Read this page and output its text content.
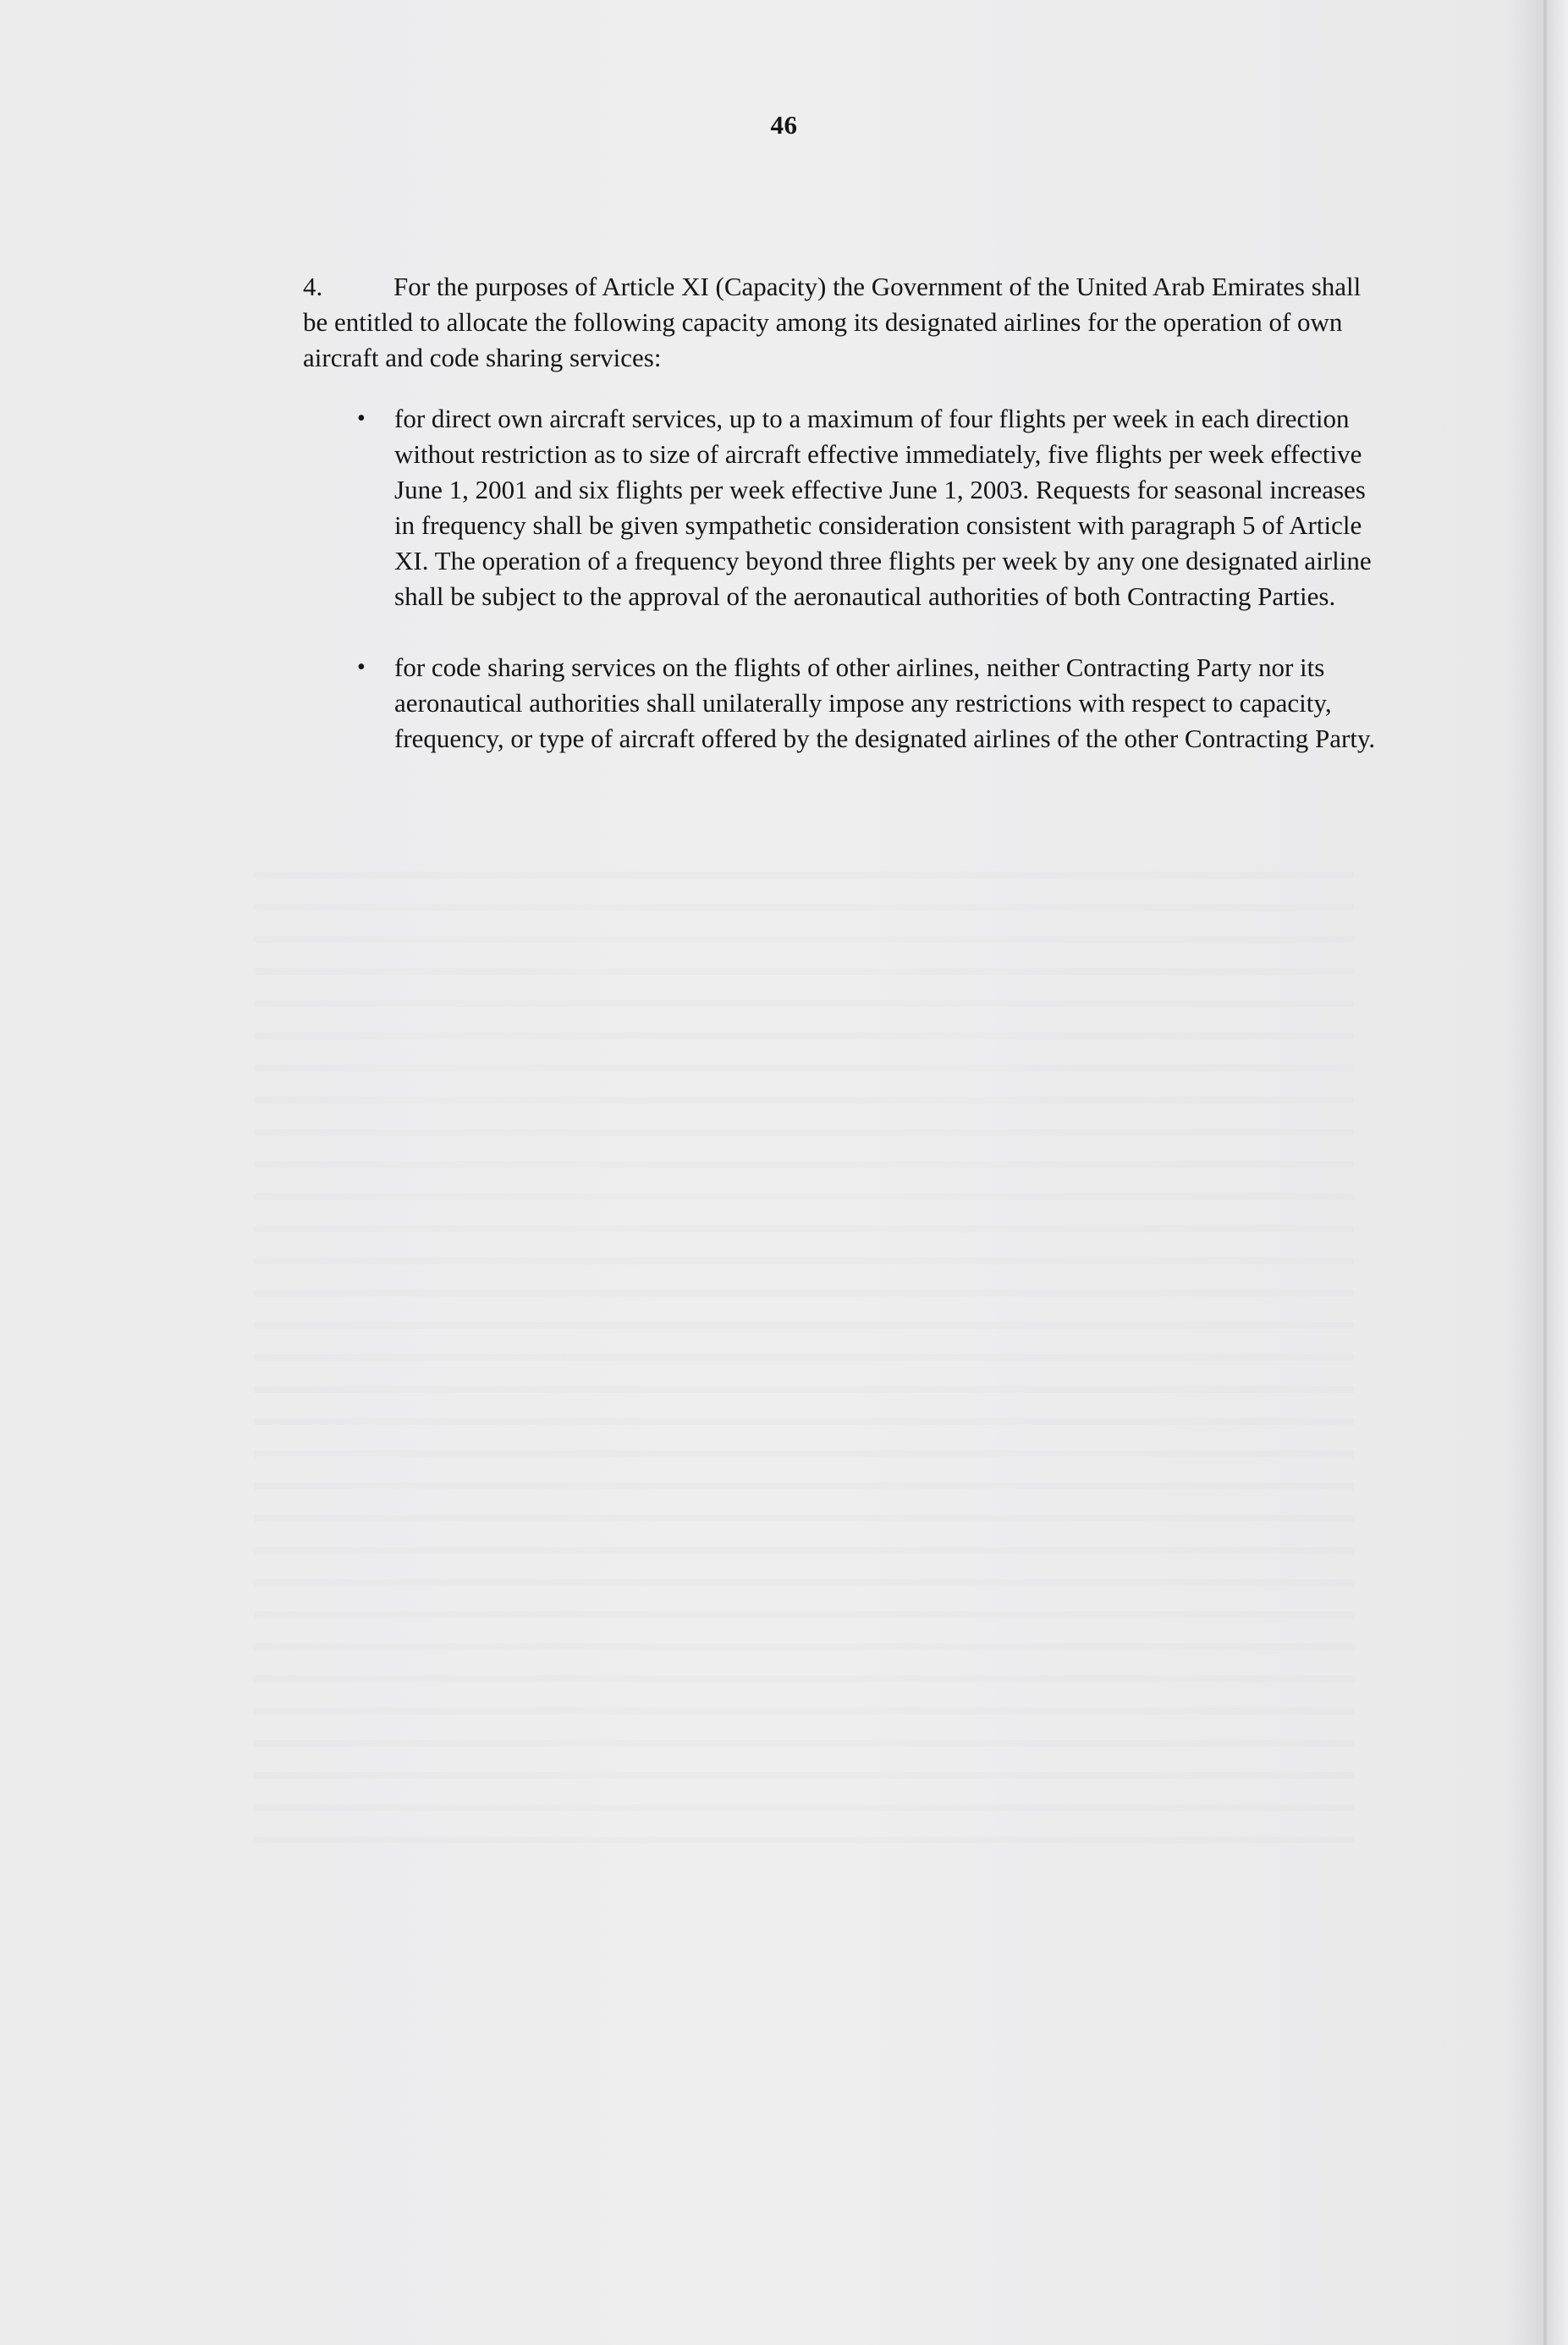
46

4.	For the purposes of Article XI (Capacity) the Government of the United Arab Emirates shall be entitled to allocate the following capacity among its designated airlines for the operation of own aircraft and code sharing services:

• for direct own aircraft services, up to a maximum of four flights per week in each direction without restriction as to size of aircraft effective immediately, five flights per week effective June 1, 2001 and six flights per week effective June 1, 2003. Requests for seasonal increases in frequency shall be given sympathetic consideration consistent with paragraph 5 of Article XI. The operation of a frequency beyond three flights per week by any one designated airline shall be subject to the approval of the aeronautical authorities of both Contracting Parties.
• for code sharing services on the flights of other airlines, neither Contracting Party nor its aeronautical authorities shall unilaterally impose any restrictions with respect to capacity, frequency, or type of aircraft offered by the designated airlines of the other Contracting Party.
